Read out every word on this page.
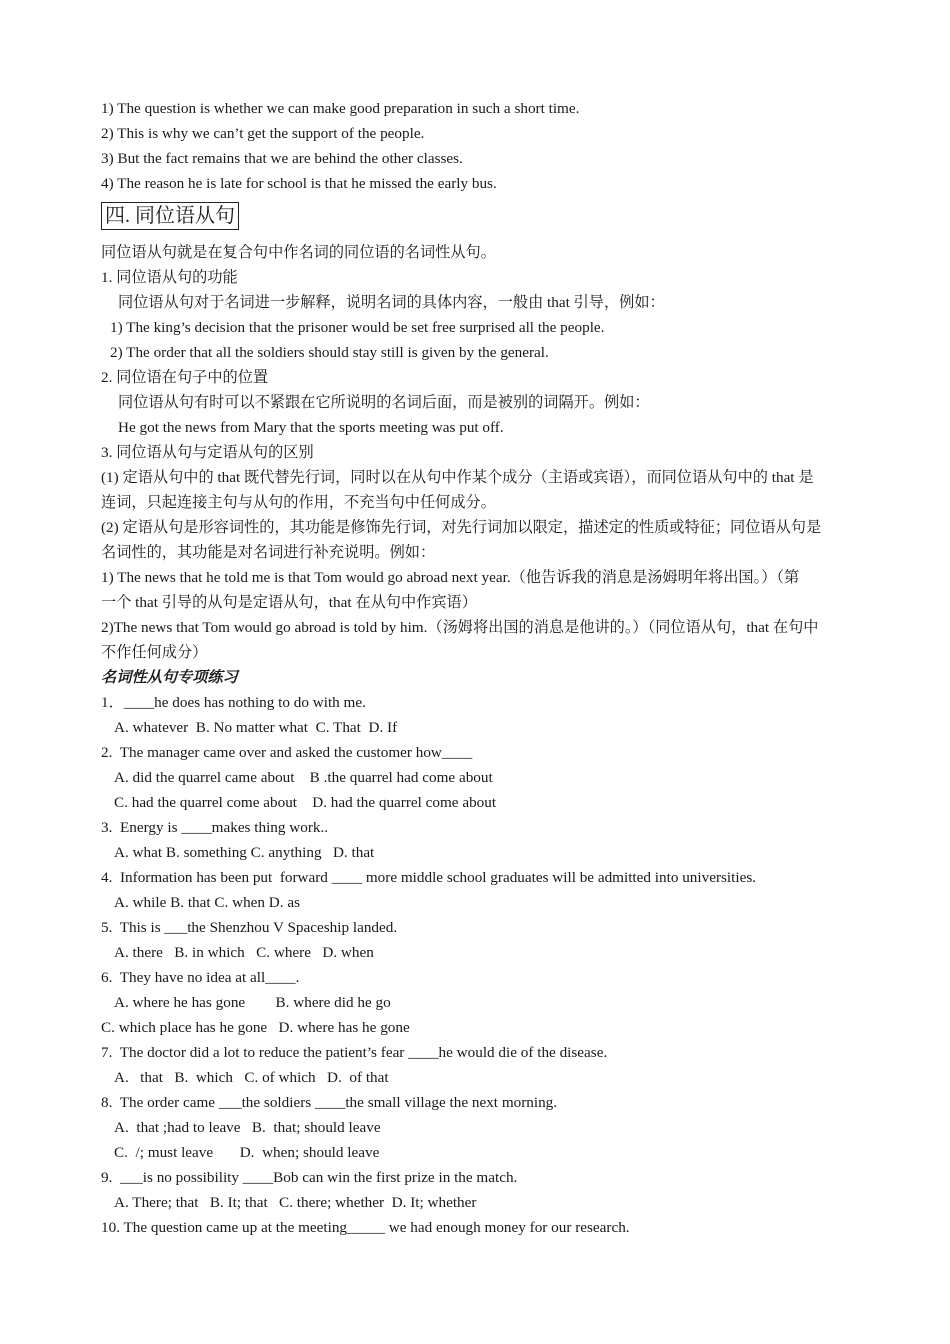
1) The question is whether we can make good preparation in such a short time.
2) This is why we can’t get the support of the people.
3) But the fact remains that we are behind the other classes.
4) The reason he is late for school is that he missed the early bus.
四. 同位语从句
同位语从句就是在复合句中作名词的同位语的名词性从句。
1. 同位语从句的功能
同位语从句对于名词进一步解释，说明名词的具体内容，一般由 that 引导，例如：
1) The king’s decision that the prisoner would be set free surprised all the people.
2) The order that all the soldiers should stay still is given by the general.
2. 同位语在句子中的位置
同位语从句有时可以不紧跟在它所说明的名词后面，而是被别的词隔开。例如：
He got the news from Mary that the sports meeting was put off.
3. 同位语从句与定语从句的区别
(1) 定语从句中的 that 既代替先行词，同时以在从句中作某个成分（主语或宾语），而同位语从句中的 that 是
连词，只起连接主句与从句的作用，不充当句中任何成分。
(2) 定语从句是形容词性的，其功能是修饰先行词，对先行词加以限定，描述定的性质或特征；同位语从句是
名词性的，其功能是对名词进行补充说明。例如：
1) The news that he told me is that Tom would go abroad next year.（他告诉我的消息是汤姆明年将出国。）（第
一个 that 引导的从句是定语从句，that 在从句中作宾语）
2)The news that Tom would go abroad is told by him.（汤姆将出国的消息是他讲的。）（同位语从句，that 在句中
不作任何成分）
名词性从句专项练习
1．____he does has nothing to do with me.
A. whatever  B. No matter what  C. That  D. If
2.  The manager came over and asked the customer how____
A. did the quarrel came about    B .the quarrel had come about
C. had the quarrel come about    D. had the quarrel come about
3.  Energy is ____makes thing work..
A. what B. something C. anything   D. that
4.  Information has been put  forward ____ more middle school graduates will be admitted into universities.
A. while B. that C. when D. as
5.  This is ___the Shenzhou V Spaceship landed.
A. there   B. in which   C. where   D. when
6.  They have no idea at all____.
A. where he has gone        B. where did he go
C. which place has he gone   D. where has he gone
7.  The doctor did a lot to reduce the patient’s fear ____he would die of the disease.
A.   that   B.  which   C. of which   D.  of that
8.  The order came ___the soldiers ____the small village the next morning.
A.  that ;had to leave   B.  that; should leave
C.  /; must leave       D.  when; should leave
9.  ___is no possibility ____Bob can win the first prize in the match.
A. There; that   B. It; that   C. there; whether  D. It; whether
10. The question came up at the meeting_____ we had enough money for our research.
